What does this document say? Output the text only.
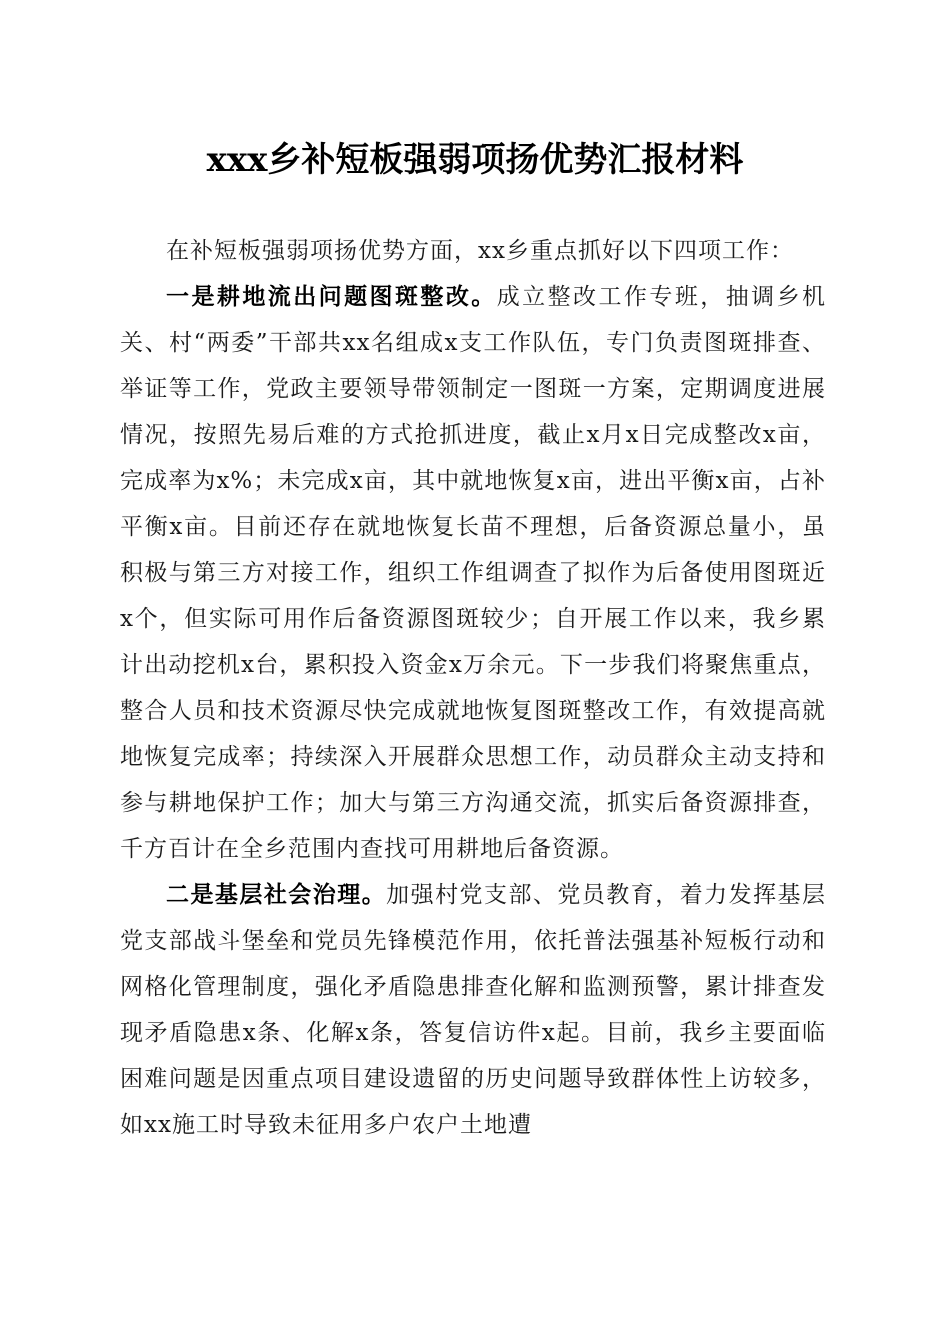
xxx乡补短板强弱项扬优势汇报材料

在补短板强弱项扬优势方面，xx乡重点抓好以下四项工作：

一是耕地流出问题图斑整改。成立整改工作专班，抽调乡机关、村“两委”干部共xx名组成x支工作队伍，专门负责图斑排查、举证等工作，党政主要领导带领制定一图斑一方案，定期调度进展情况，按照先易后难的方式抢抓进度，截止x月x日完成整改x亩，完成率为x%；未完成x亩，其中就地恢复x亩，进出平衡x亩，占补平衡x亩。目前还存在就地恢复长苗不理想，后备资源总量小，虽积极与第三方对接工作，组织工作组调查了拟作为后备使用图斑近x个，但实际可用作后备资源图斑较少；自开展工作以来，我乡累计出动挖机x台，累积投入资金x万余元。下一步我们将聚焦重点，整合人员和技术资源尽快完成就地恢复图斑整改工作，有效提高就地恢复完成率；持续深入开展群众思想工作，动员群众主动支持和参与耕地保护工作；加大与第三方沟通交流，抓实后备资源排查，千方百计在全乡范围内查找可用耕地后备资源。

二是基层社会治理。加强村党支部、党员教育，着力发挥基层党支部战斗堡垒和党员先锋模范作用，依托普法强基补短板行动和网格化管理制度，强化矛盾隐患排查化解和监测预警，累计排查发现矛盾隐患x条、化解x条，答复信访件x起。目前，我乡主要面临困难问题是因重点项目建设遗留的历史问题导致群体性上访较多，如xx施工时导致未征用多户农户土地遭
